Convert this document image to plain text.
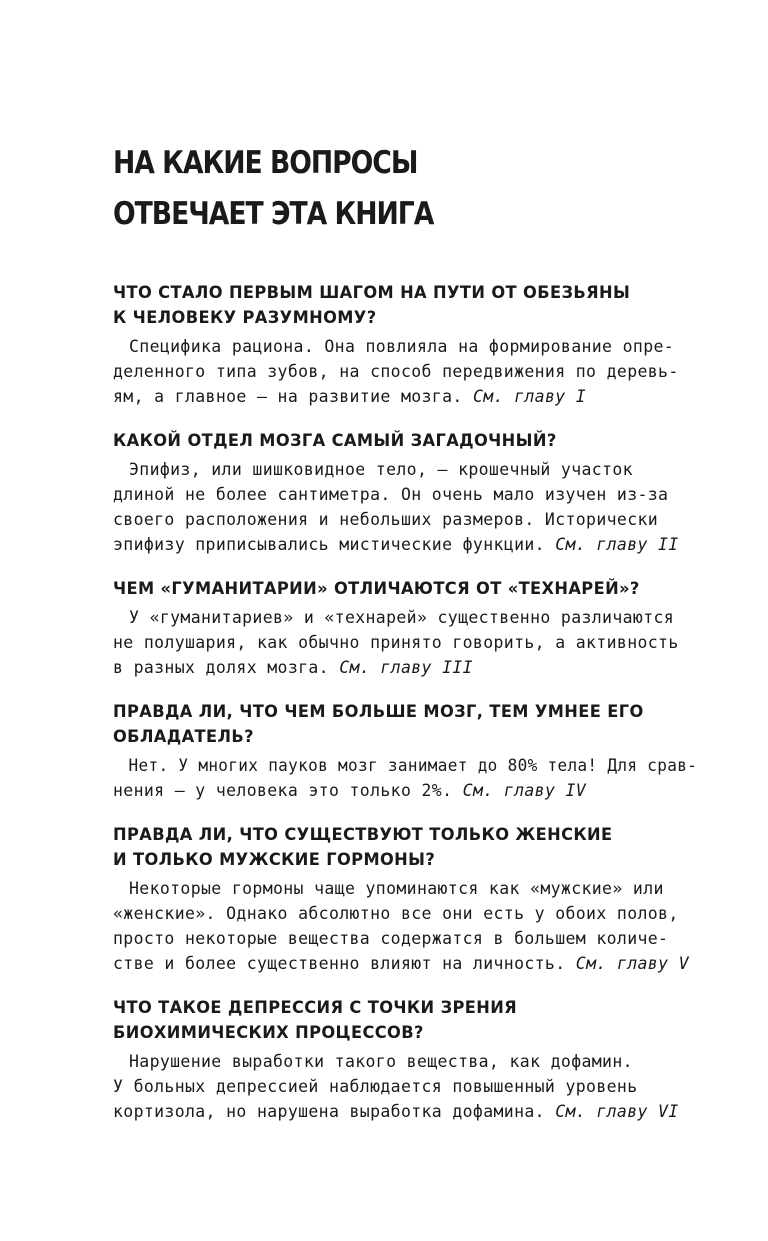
НА КАКИЕ ВОПРОСЫ
ОТВЕЧАЕТ ЭТА КНИГА
ЧТО СТАЛО ПЕРВЫМ ШАГОМ НА ПУТИ ОТ ОБЕЗЬЯНЫ
К ЧЕЛОВЕКУ РАЗУМНОМУ?

Специфика рациона. Она повлияла на формирование опре-
деленного типа зубов, на способ передвижения по деревь-
ям, а главное — на развитие мозга. См. главу I

КАКОЙ ОТДЕЛ МОЗГА САМЫЙ ЗАГАДОЧНЫЙ?

Эпифиз, или шишковидное тело, — крошечный участок
длиной не более сантиметра. Он очень мало изучен из-за
своего расположения и небольших размеров. Исторически
эпифизу приписывались мистические функции. См. главу II

ЧЕМ «ГУМАНИТАРИИ» ОТЛИЧАЮТСЯ ОТ «ТЕХНАРЕЙ»?

У «гуманитариев» и «технарей» существенно различаются
не полушария, как обычно принято говорить, а активность
в разных долях мозга. См. главу III

ПРАВДА ЛИ, ЧТО ЧЕМ БОЛЬШЕ МОЗГ, ТЕМ УМНЕЕ ЕГО
ОБЛАДАТЕЛЬ?

Нет. У многих пауков мозг занимает до 80% тела! Для срав-
нения — у человека это только 2%. См. главу IV

ПРАВДА ЛИ, ЧТО СУЩЕСТВУЮТ ТОЛЬКО ЖЕНСКИЕ
И ТОЛЬКО МУЖСКИЕ ГОРМОНЫ?

Некоторые гормоны чаще упоминаются как «мужские» или
«женские». Однако абсолютно все они есть у обоих полов,
просто некоторые вещества содержатся в большем количе-
стве и более существенно влияют на личность. См. главу V

ЧТО ТАКОЕ ДЕПРЕССИЯ С ТОЧКИ ЗРЕНИЯ
БИОХИМИЧЕСКИХ ПРОЦЕССОВ?

Нарушение выработки такого вещества, как дофамин.
У больных депрессией наблюдается повышенный уровень
кортизола, но нарушена выработка дофамина. См. главу VI
